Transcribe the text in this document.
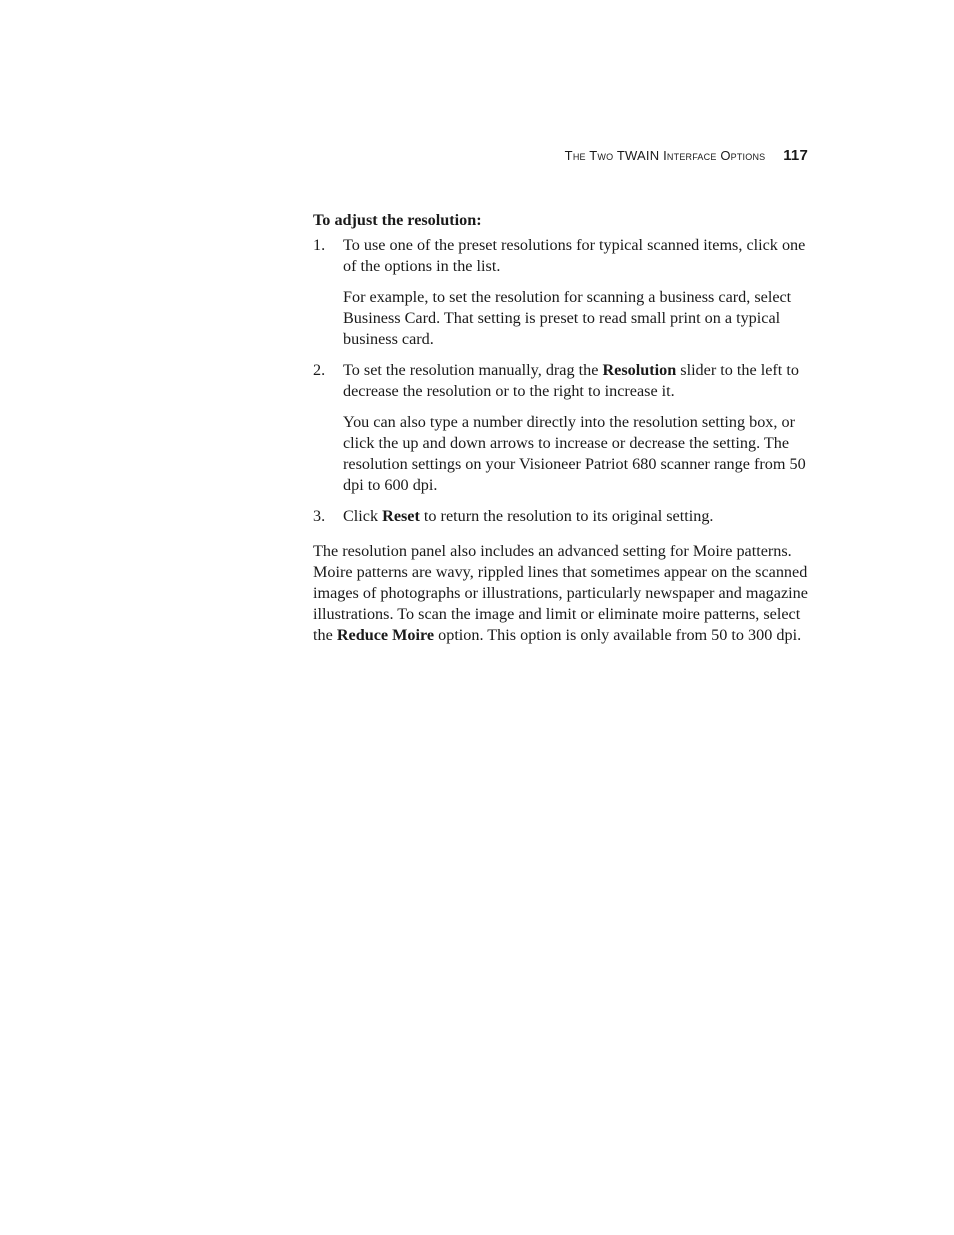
The Two TWAIN Interface Options 117

To adjust the resolution:

1. To use one of the preset resolutions for typical scanned items, click one of the options in the list.

For example, to set the resolution for scanning a business card, select Business Card. That setting is preset to read small print on a typical business card.

2. To set the resolution manually, drag the Resolution slider to the left to decrease the resolution or to the right to increase it.

You can also type a number directly into the resolution setting box, or click the up and down arrows to increase or decrease the setting. The resolution settings on your Visioneer Patriot 680 scanner range from 50 dpi to 600 dpi.

3. Click Reset to return the resolution to its original setting.

The resolution panel also includes an advanced setting for Moire patterns. Moire patterns are wavy, rippled lines that sometimes appear on the scanned images of photographs or illustrations, particularly newspaper and magazine illustrations. To scan the image and limit or eliminate moire patterns, select the Reduce Moire option. This option is only available from 50 to 300 dpi.
